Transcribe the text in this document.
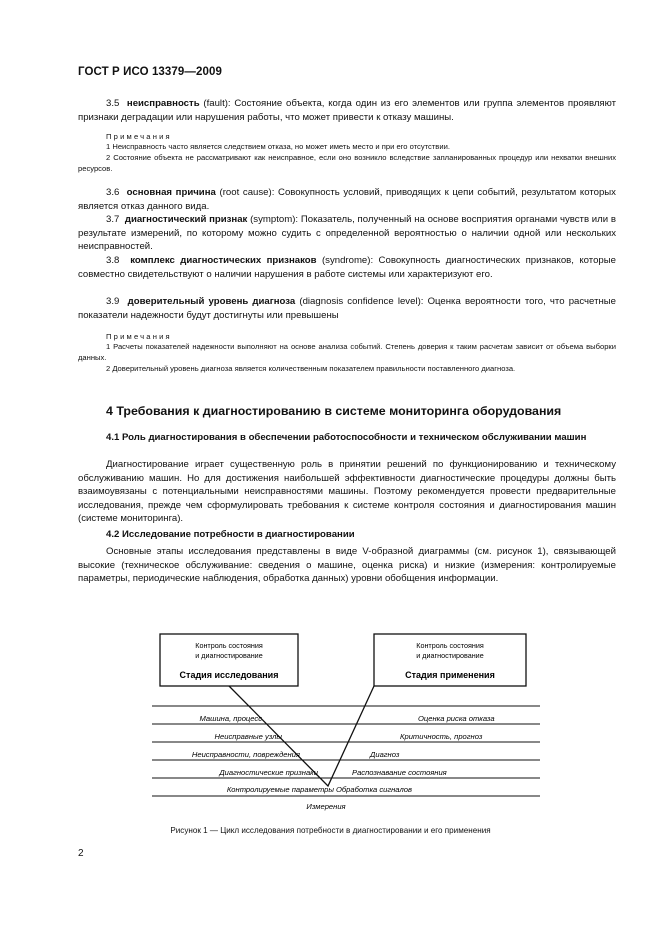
ГОСТ Р ИСО 13379—2009
3.5 неисправность (fault): Состояние объекта, когда один из его элементов или группа элементов проявляют признаки деградации или нарушения работы, что может привести к отказу машины.
Примечания
1 Неисправность часто является следствием отказа, но может иметь место и при его отсутствии.
2 Состояние объекта не рассматривают как неисправное, если оно возникло вследствие запланированных процедур или нехватки внешних ресурсов.
3.6 основная причина (root cause): Совокупность условий, приводящих к цепи событий, результатом которых является отказ данного вида.
3.7 диагностический признак (symptom): Показатель, полученный на основе восприятия органами чувств или в результате измерений, по которому можно судить с определенной вероятностью о наличии одной или нескольких неисправностей.
3.8 комплекс диагностических признаков (syndrome): Совокупность диагностических признаков, которые совместно свидетельствуют о наличии нарушения в работе системы или характеризуют его.
3.9 доверительный уровень диагноза (diagnosis confidence level): Оценка вероятности того, что расчетные показатели надежности будут достигнуты или превышены
Примечания
1 Расчеты показателей надежности выполняют на основе анализа событий. Степень доверия к таким расчетам зависит от объема выборки данных.
2 Доверительный уровень диагноза является количественным показателем правильности поставленного диагноза.
4 Требования к диагностированию в системе мониторинга оборудования
4.1 Роль диагностирования в обеспечении работоспособности и техническом обслуживании машин
Диагностирование играет существенную роль в принятии решений по функционированию и техническому обслуживанию машин. Но для достижения наибольшей эффективности диагностические процедуры должны быть взаимоувязаны с потенциальными неисправностями машины. Поэтому рекомендуется провести предварительные исследования, прежде чем сформулировать требования к системе контроля состояния и диагностирования машин (системе мониторинга).
4.2 Исследование потребности в диагностировании
Основные этапы исследования представлены в виде V-образной диаграммы (см. рисунок 1), связывающей высокие (техническое обслуживание: сведения о машине, оценка риска) и низкие (измерения: контролируемые параметры, периодические наблюдения, обработка данных) уровни обобщения информации.
Контроль состояния
и диагностирование
Стадия исследования
Контроль состояния
и диагностирование
Стадия применения
Машина, процесс
Неисправные узлы
Неисправности, повреждения
Диагностические признаки
Контролируемые параметры
Оценка риска отказа
Критичность, прогноз
Диагноз
Распознавание состояния
Обработка сигналов
Измерения
Рисунок 1 — Цикл исследования потребности в диагностировании и его применения
2
